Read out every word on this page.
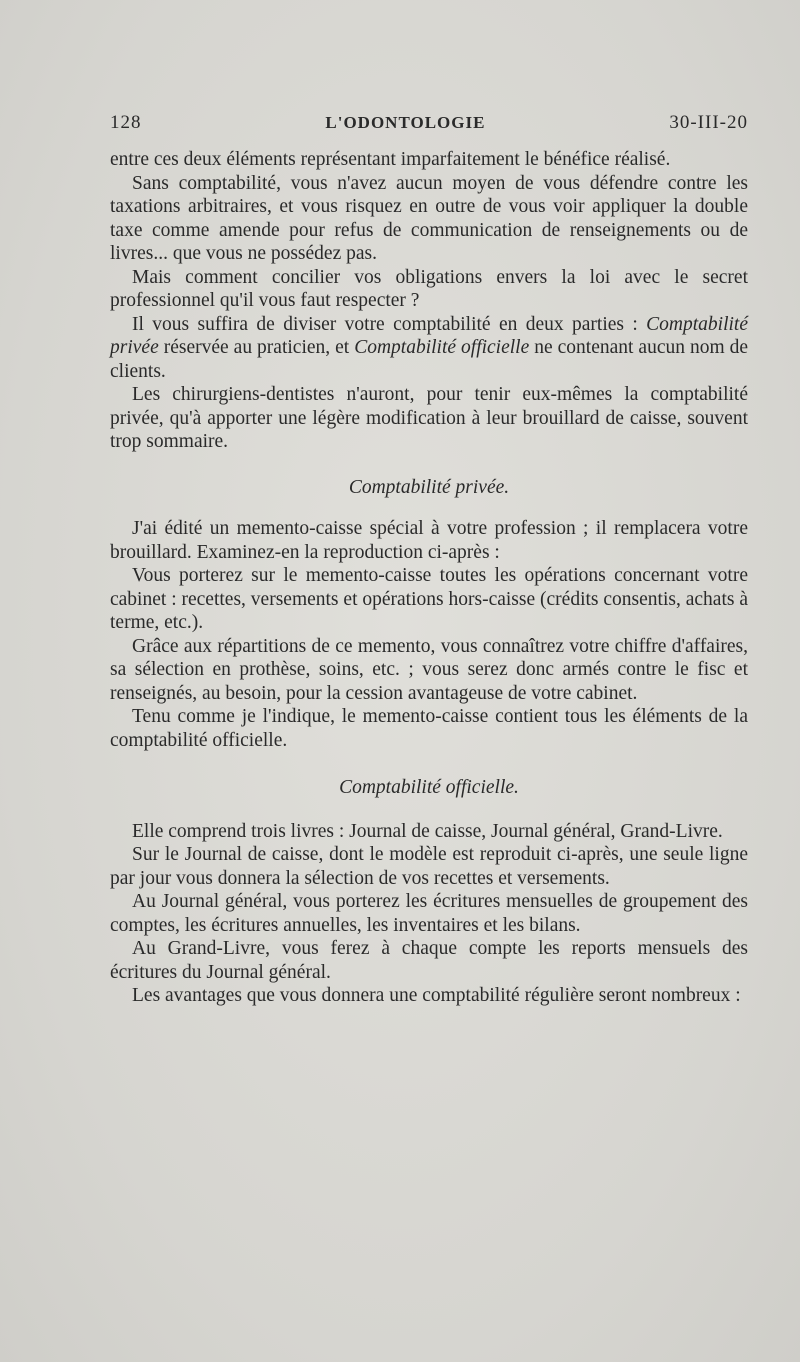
128	L'ODONTOLOGIE	30-III-20

entre ces deux éléments représentant imparfaitement le bénéfice réalisé.

Sans comptabilité, vous n'avez aucun moyen de vous défendre contre les taxations arbitraires, et vous risquez en outre de vous voir appliquer la double taxe comme amende pour refus de communication de renseignements ou de livres... que vous ne possédez pas.

Mais comment concilier vos obligations envers la loi avec le secret professionnel qu'il vous faut respecter ?

Il vous suffira de diviser votre comptabilité en deux parties : Comptabilité privée réservée au praticien, et Comptabilité officielle ne contenant aucun nom de clients.

Les chirurgiens-dentistes n'auront, pour tenir eux-mêmes la comptabilité privée, qu'à apporter une légère modification à leur brouillard de caisse, souvent trop sommaire.

Comptabilité privée.

J'ai édité un memento-caisse spécial à votre profession ; il remplacera votre brouillard. Examinez-en la reproduction ci-après :

Vous porterez sur le memento-caisse toutes les opérations concernant votre cabinet : recettes, versements et opérations hors-caisse (crédits consentis, achats à terme, etc.).

Grâce aux répartitions de ce memento, vous connaîtrez votre chiffre d'affaires, sa sélection en prothèse, soins, etc. ; vous serez donc armés contre le fisc et renseignés, au besoin, pour la cession avantageuse de votre cabinet.

Tenu comme je l'indique, le memento-caisse contient tous les éléments de la comptabilité officielle.

Comptabilité officielle.

Elle comprend trois livres : Journal de caisse, Journal général, Grand-Livre.

Sur le Journal de caisse, dont le modèle est reproduit ci-après, une seule ligne par jour vous donnera la sélection de vos recettes et versements.

Au Journal général, vous porterez les écritures mensuelles de groupement des comptes, les écritures annuelles, les inventaires et les bilans.

Au Grand-Livre, vous ferez à chaque compte les reports mensuels des écritures du Journal général.

Les avantages que vous donnera une comptabilité régulière seront nombreux :
